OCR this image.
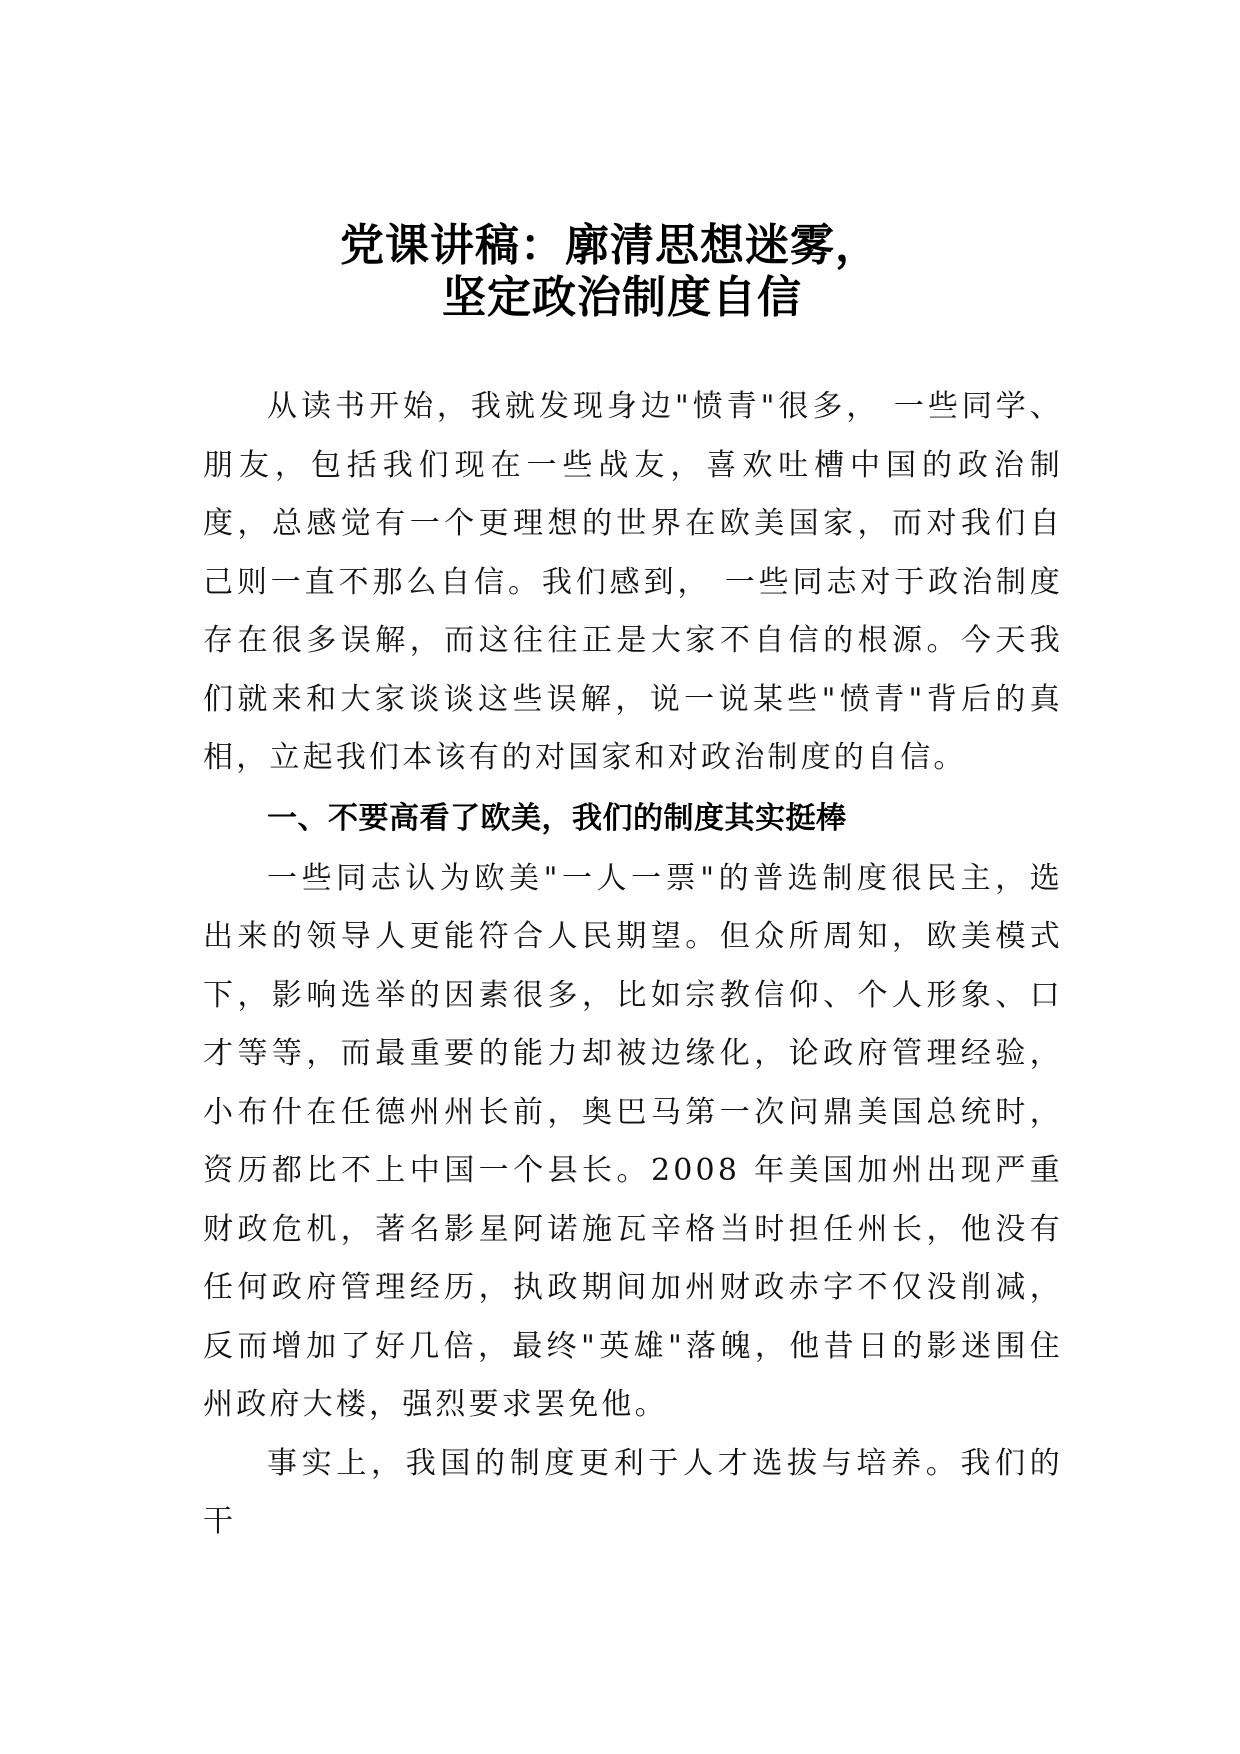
党课讲稿：廓清思想迷雾，
坚定政治制度自信

从读书开始，我就发现身边"愤青"很多， 一些同学、朋友，包括我们现在一些战友，喜欢吐槽中国的政治制度，总感觉有一个更理想的世界在欧美国家，而对我们自己则一直不那么自信。我们感到， 一些同志对于政治制度存在很多误解，而这往往正是大家不自信的根源。今天我们就来和大家谈谈这些误解，说一说某些"愤青"背后的真相，立起我们本该有的对国家和对政治制度的自信。

一、不要高看了欧美，我们的制度其实挺棒

一些同志认为欧美"一人一票"的普选制度很民主，选出来的领导人更能符合人民期望。但众所周知，欧美模式下，影响选举的因素很多，比如宗教信仰、个人形象、口才等等，而最重要的能力却被边缘化，论政府管理经验，小布什在任德州州长前，奥巴马第一次问鼎美国总统时，资历都比不上中国一个县长。2008 年美国加州出现严重财政危机，著名影星阿诺施瓦辛格当时担任州长，他没有任何政府管理经历，执政期间加州财政赤字不仅没削减，反而增加了好几倍，最终"英雄"落魄，他昔日的影迷围住州政府大楼，强烈要求罢免他。

事实上，我国的制度更利于人才选拔与培养。我们的干
